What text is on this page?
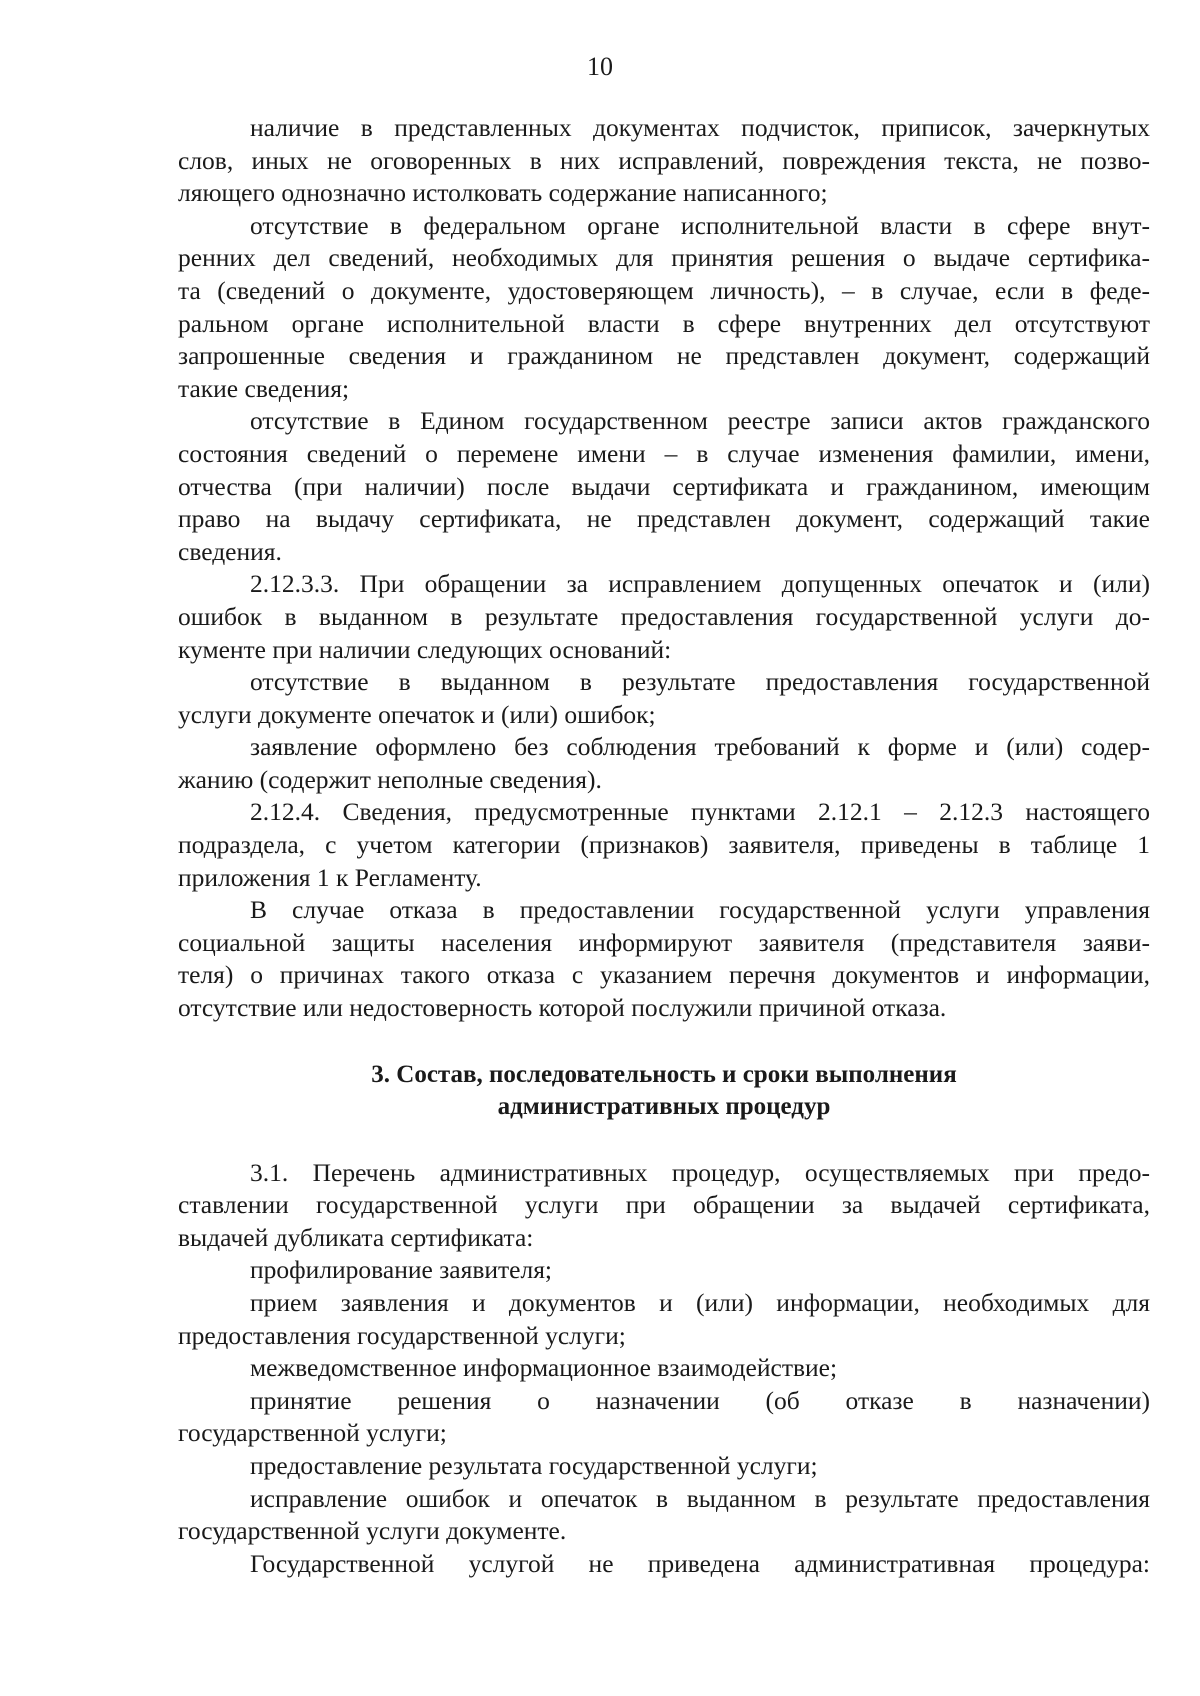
10
наличие в представленных документах подчисток, приписок, зачеркнутых
слов, иных не оговоренных в них исправлений, повреждения текста, не позво-
ляющего однозначно истолковать содержание написанного;
отсутствие в федеральном органе исполнительной власти в сфере внут-
ренних дел сведений, необходимых для принятия решения о выдаче сертифика-
та (сведений о документе, удостоверяющем личность), – в случае, если в феде-
ральном органе исполнительной власти в сфере внутренних дел отсутствуют
запрошенные сведения и гражданином не представлен документ, содержащий
такие сведения;
отсутствие в Едином государственном реестре записи актов гражданского
состояния сведений о перемене имени – в случае изменения фамилии, имени,
отчества (при наличии) после выдачи сертификата и гражданином, имеющим
право на выдачу сертификата, не представлен документ, содержащий такие
сведения.
2.12.3.3. При обращении за исправлением допущенных опечаток и (или)
ошибок в выданном в результате предоставления государственной услуги до-
кументе при наличии следующих оснований:
отсутствие в выданном в результате предоставления государственной
услуги документе опечаток и (или) ошибок;
заявление оформлено без соблюдения требований к форме и (или) содер-
жанию (содержит неполные сведения).
2.12.4. Сведения, предусмотренные пунктами 2.12.1 – 2.12.3 настоящего
подраздела, с учетом категории (признаков) заявителя, приведены в таблице 1
приложения 1 к Регламенту.
В случае отказа в предоставлении государственной услуги управления
социальной защиты населения информируют заявителя (представителя заяви-
теля) о причинах такого отказа с указанием перечня документов и информации,
отсутствие или недостоверность которой послужили причиной отказа.
3. Состав, последовательность и сроки выполнения
административных процедур
3.1. Перечень административных процедур, осуществляемых при предо-
ставлении государственной услуги при обращении за выдачей сертификата,
выдачей дубликата сертификата:
профилирование заявителя;
прием заявления и документов и (или) информации, необходимых для
предоставления государственной услуги;
межведомственное информационное взаимодействие;
принятие решения о назначении (об отказе в назначении)
государственной услуги;
предоставление результата государственной услуги;
исправление ошибок и опечаток в выданном в результате предоставления
государственной услуги документе.
Государственной услугой не приведена административная процедура:
